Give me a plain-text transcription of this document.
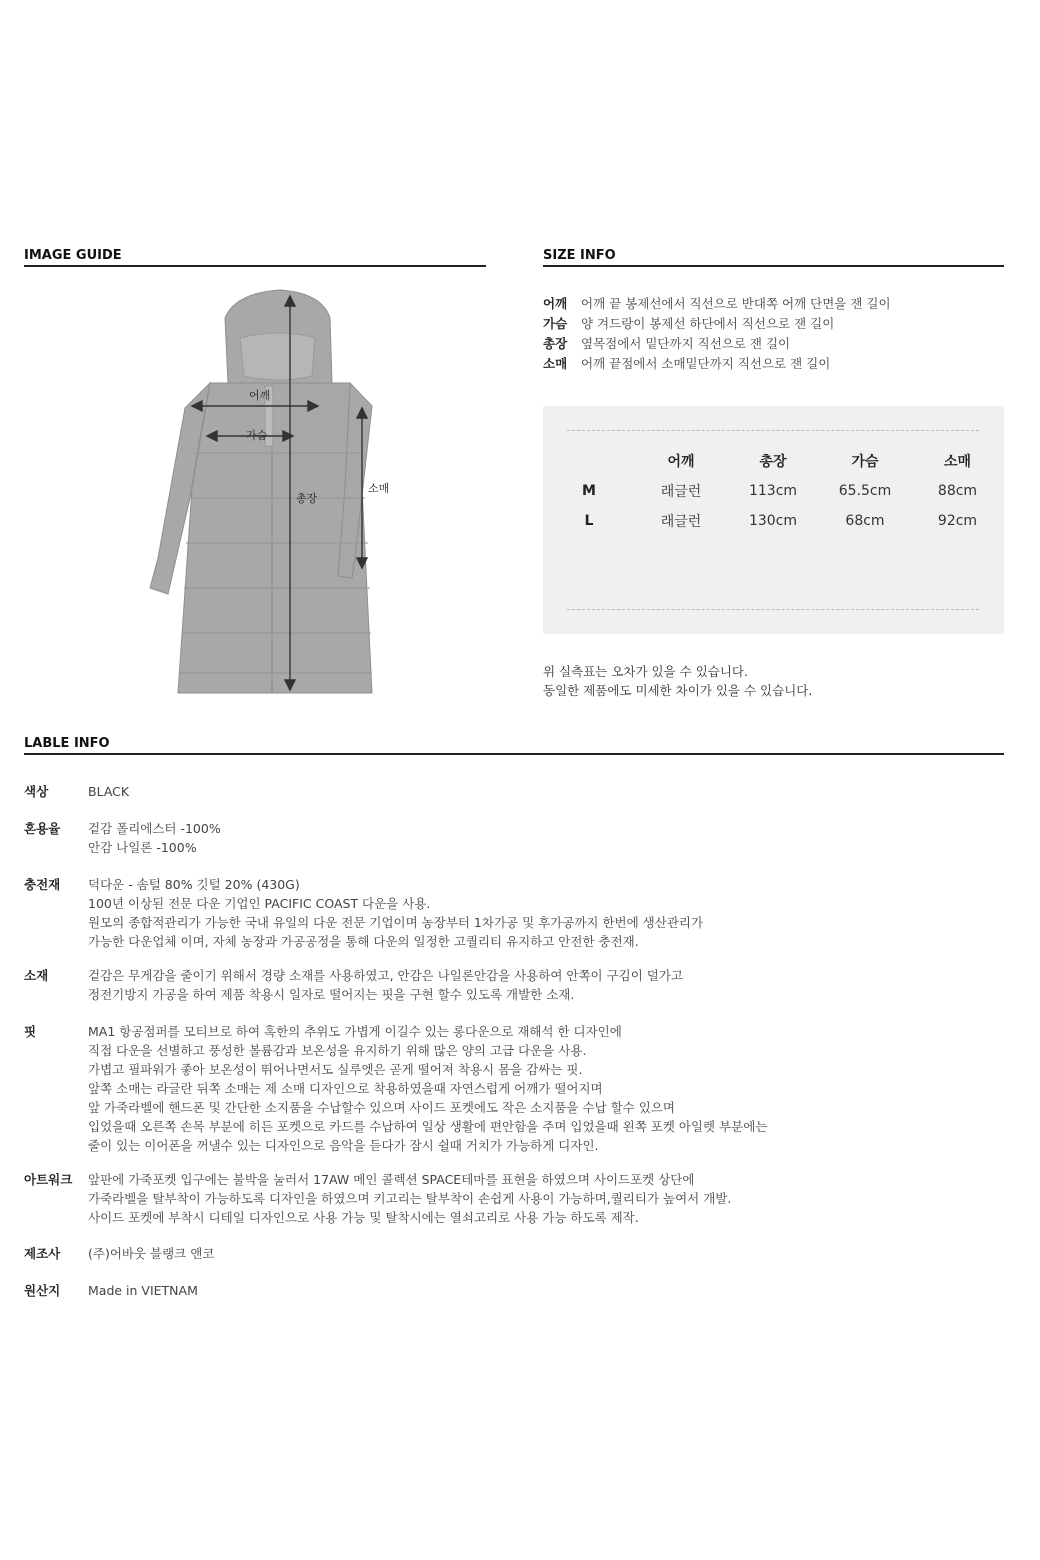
IMAGE GUIDE
어깨
가슴
총장
소매
SIZE INFO
어깨	어깨 끝 봉제선에서 직선으로 반대쪽 어깨 단면을 잰 길이
가슴	양 겨드랑이 봉제선 하단에서 직선으로 잰 길이
총장	옆목점에서 밑단까지 직선으로 잰 길이
소매	어깨 끝점에서 소매밑단까지 직선으로 잰 길이
	어깨	총장	가슴	소매
M	래글런	113cm	65.5cm	88cm
L	래글런	130cm	68cm	92cm
위 실측표는 오차가 있을 수 있습니다.
동일한 제품에도 미세한 차이가 있을 수 있습니다.
LABLE INFO
색상	BLACK
혼용율	겉감 폴리에스터 -100%
안감 나일론 -100%
충전재	덕다운 - 솜털 80% 깃털 20% (430G)
100년 이상된 전문 다운 기업인 PACIFIC COAST 다운을 사용.
원모의 종합적관리가 가능한 국내 유일의 다운 전문 기업이며 농장부터 1차가공 및 후가공까지 한번에 생산관리가
가능한 다운업체 이며, 자체 농장과 가공공정을 통해 다운의 일정한 고퀄리티 유지하고 안전한 충전재.
소재	겉감은 무게감을 줄이기 위해서 경량 소재를 사용하였고, 안감은 나일론안감을 사용하여 안쪽이 구김이 덜가고
정전기방지 가공을 하여 제품 착용시 일자로 떨어지는 핏을 구현 할수 있도록 개발한 소재.
핏	MA1 항공점퍼를 모티브로 하여 혹한의 추위도 가볍게 이길수 있는 롱다운으로 재해석 한 디자인에
직접 다운을 선별하고 풍성한 볼륨감과 보온성을 유지하기 위해 많은 양의 고급 다운을 사용.
가볍고 필파워가 좋아 보온성이 뛰어나면서도 실루엣은 곧게 떨어져 착용시 몸을 감싸는 핏.
앞쪽 소매는 라글란 뒤쪽 소매는 제 소매 디자인으로 착용하였을때 자연스럽게 어깨가 떨어지며
앞 가죽라벨에 핸드폰 및 간단한 소지품을 수납할수 있으며 사이드 포켓에도 작은 소지품을 수납 할수 있으며
입었을때 오른쪽 손목 부분에 히든 포켓으로 카드를 수납하여 일상 생활에 편안함을 주며 입었을때 왼쪽 포켓 아일렛 부분에는
줄이 있는 이어폰을 꺼낼수 있는 디자인으로 음악을 듣다가 잠시 쉴때 거치가 가능하게 디자인.
아트워크	앞판에 가죽포켓 입구에는 불박을 눌러서 17AW 메인 콜렉션 SPACE테마를 표현을 하였으며 사이드포켓 상단에
가죽라벨을 탈부착이 가능하도록 디자인을 하였으며 키고리는 탈부착이 손쉽게 사용이 가능하며,퀄리티가 높여서 개발.
사이드 포켓에 부착시 디테일 디자인으로 사용 가능 및 탈착시에는 열쇠고리로 사용 가능 하도록 제작.
제조사	(주)어바웃 블랭크 앤코
원산지	Made in VIETNAM
